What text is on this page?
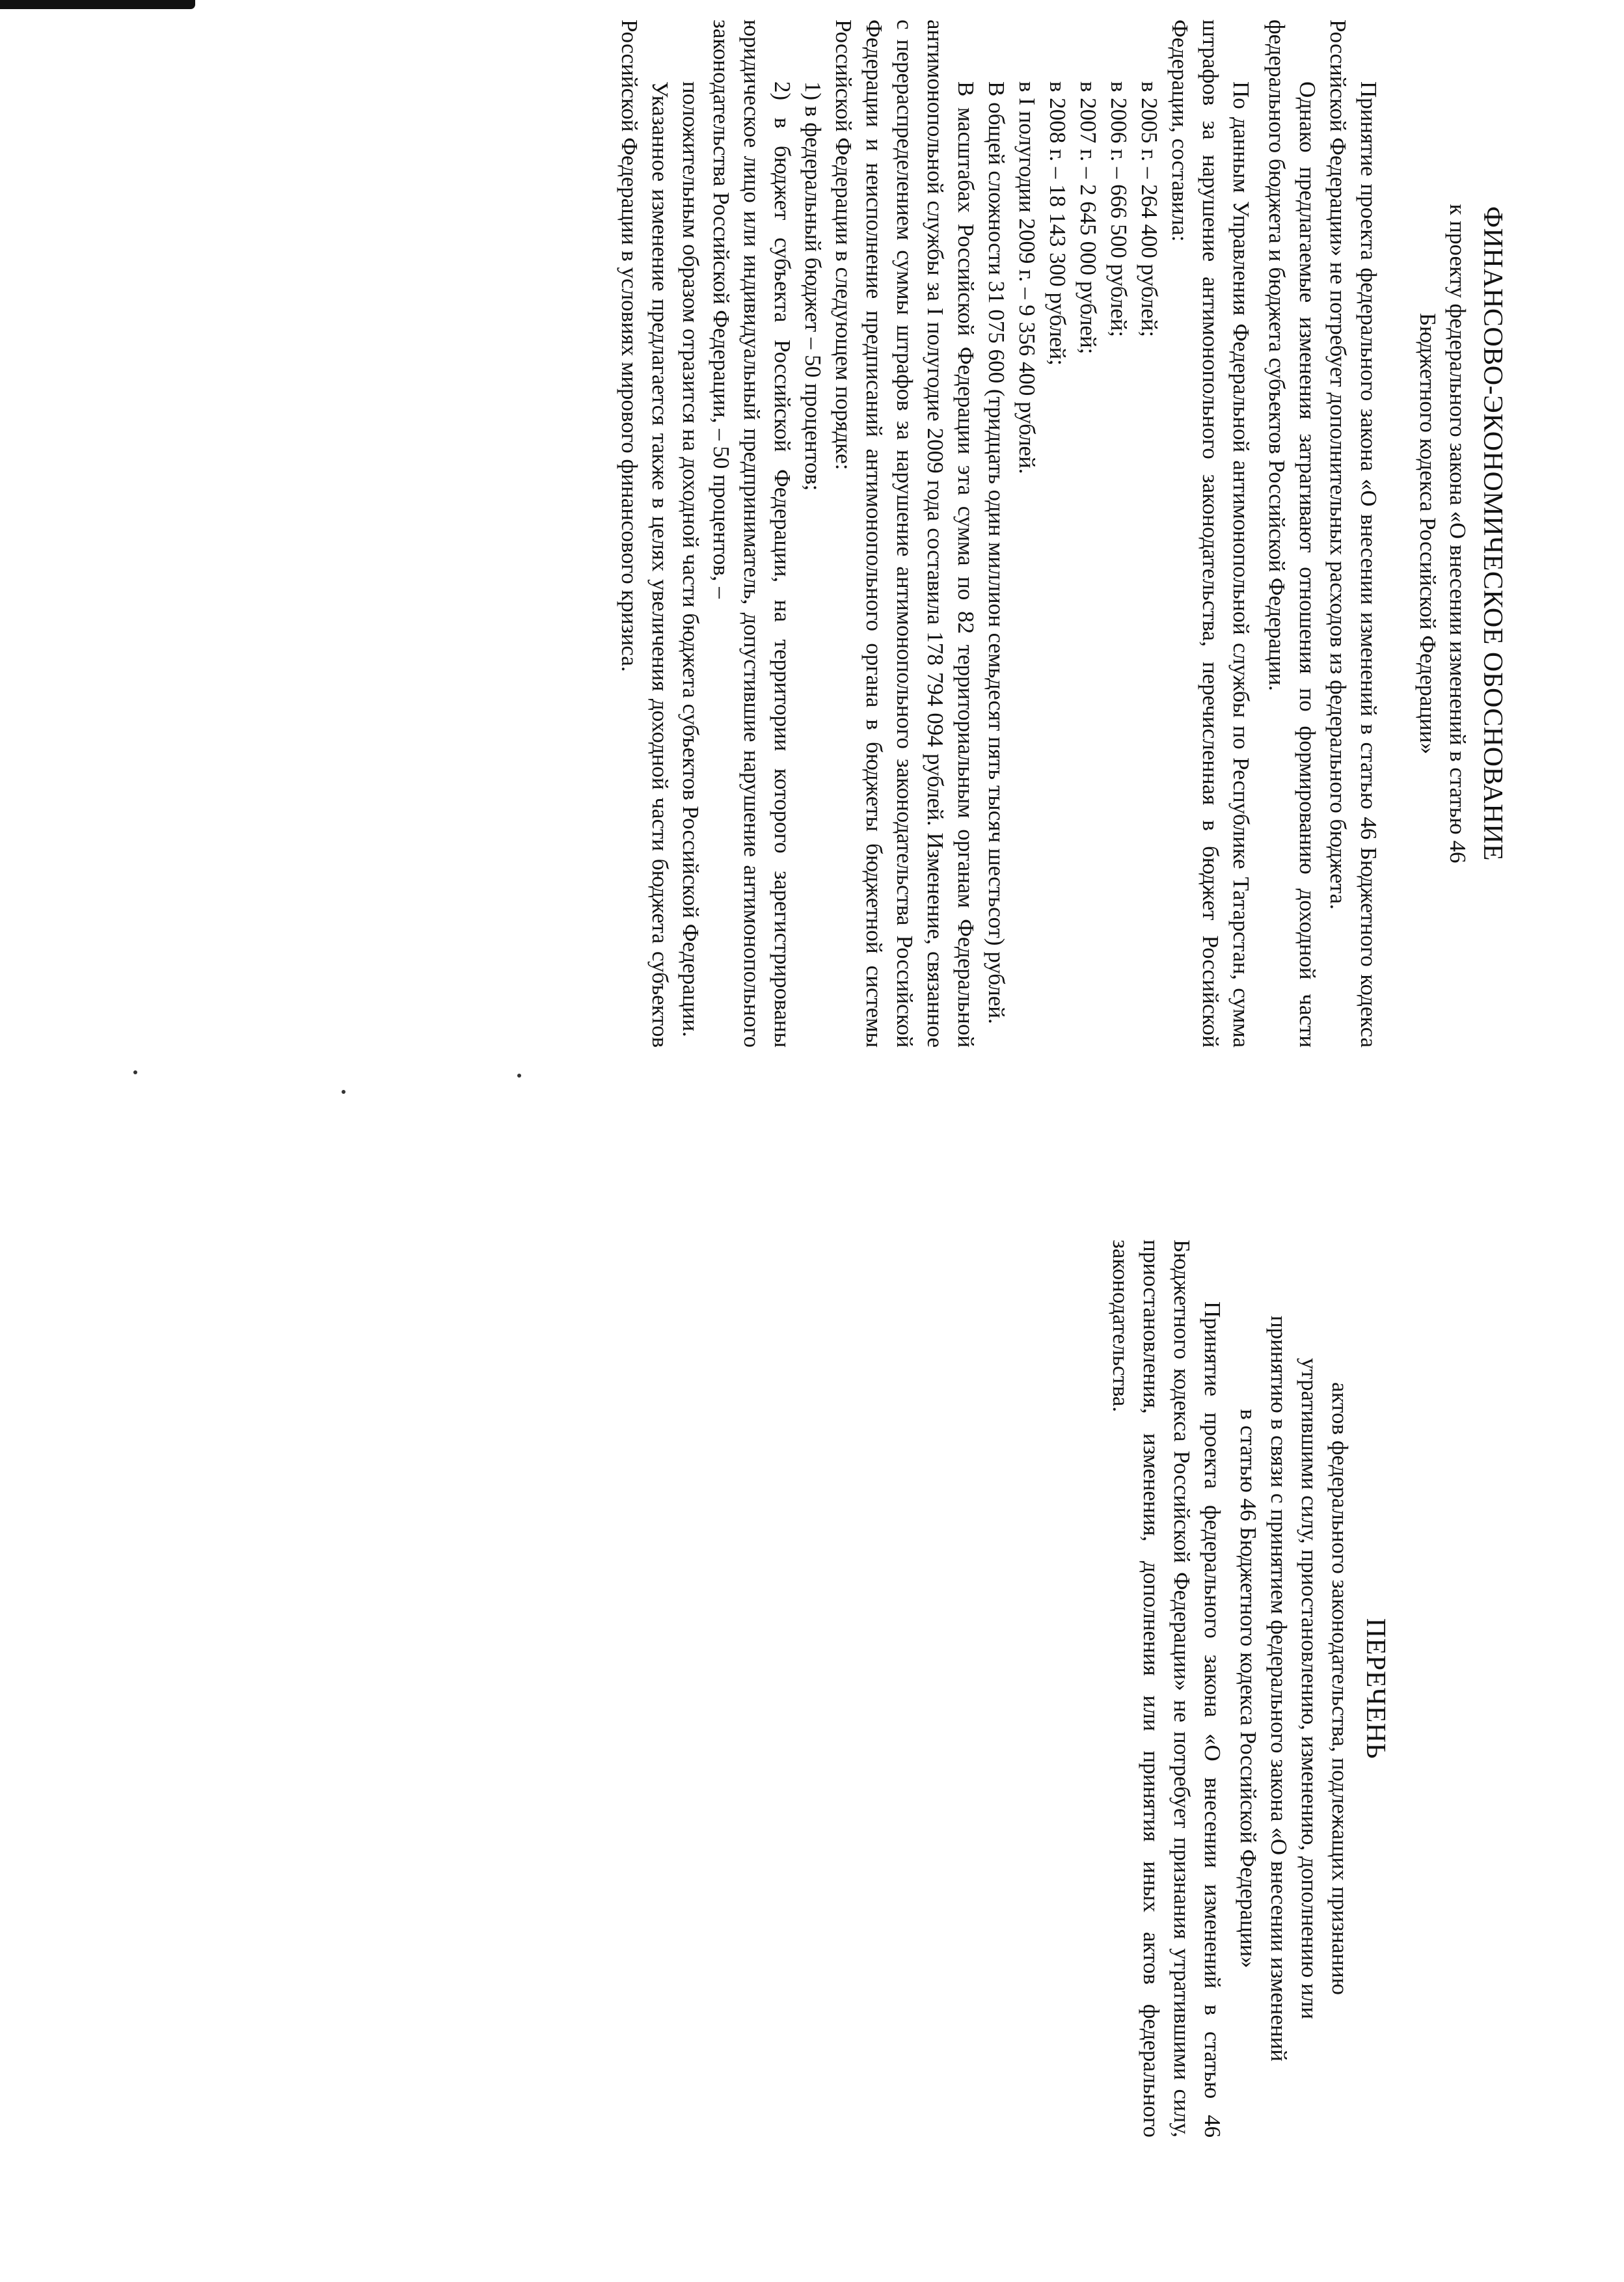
ФИНАНСОВО-ЭКОНОМИЧЕСКОЕ ОБОСНОВАНИЕ
к проекту федерального закона «О внесении изменений в статью 46
Бюджетного кодекса Российской Федерации»

Принятие проекта федерального закона «О внесении изменений в статью 46 Бюджетного кодекса Российской Федерации» не потребует дополнительных расходов из федерального бюджета.

Однако предлагаемые изменения затрагивают отношения по формированию доходной части федерального бюджета и бюджета субъектов Российской Федерации.

По данным Управления Федеральной антимонопольной службы по Республике Татарстан, сумма штрафов за нарушение антимонопольного законодательства, перечисленная в бюджет Российской Федерации, составила:

в 2005 г. – 264 400 рублей;

в 2006 г. – 666 500 рублей;

в 2007 г. – 2 645 000 рублей;

в 2008 г. – 18 143 300 рублей;

в I полугодии 2009 г. – 9 356 400 рублей.

В общей сложности 31 075 600 (тридцать один миллион семьдесят пять тысяч шестьсот) рублей.

В масштабах Российской Федерации эта сумма по 82 территориальным органам Федеральной антимонопольной службы за I полугодие 2009 года составила 178 794 094 рублей. Изменение, связанное с перераспределением суммы штрафов за нарушение антимонопольного законодательства Российской Федерации и неисполнение предписаний антимонопольного органа в бюджеты бюджетной системы Российской Федерации в следующем порядке:

1) в федеральный бюджет – 50 процентов;

2) в бюджет субъекта Российской Федерации, на территории которого зарегистрированы юридическое лицо или индивидуальный предприниматель, допустившие нарушение антимонопольного законодательства Российской Федерации, – 50 процентов, –

положительным образом отразится на доходной части бюджета субъектов Российской Федерации.

Указанное изменение предлагается также в целях увеличения доходной части бюджета субъектов Российской Федерации в условиях мирового финансового кризиса.

ПЕРЕЧЕНЬ
актов федерального законодательства, подлежащих признанию
утратившими силу, приостановлению, изменению, дополнению или
принятию в связи с принятием федерального закона «О внесении изменений
в статью 46 Бюджетного кодекса Российской Федерации»

Принятие проекта федерального закона «О внесении изменений в статью 46 Бюджетного кодекса Российской Федерации» не потребует признания утратившими силу, приостановления, изменения, дополнения или принятия иных актов федерального законодательства.
